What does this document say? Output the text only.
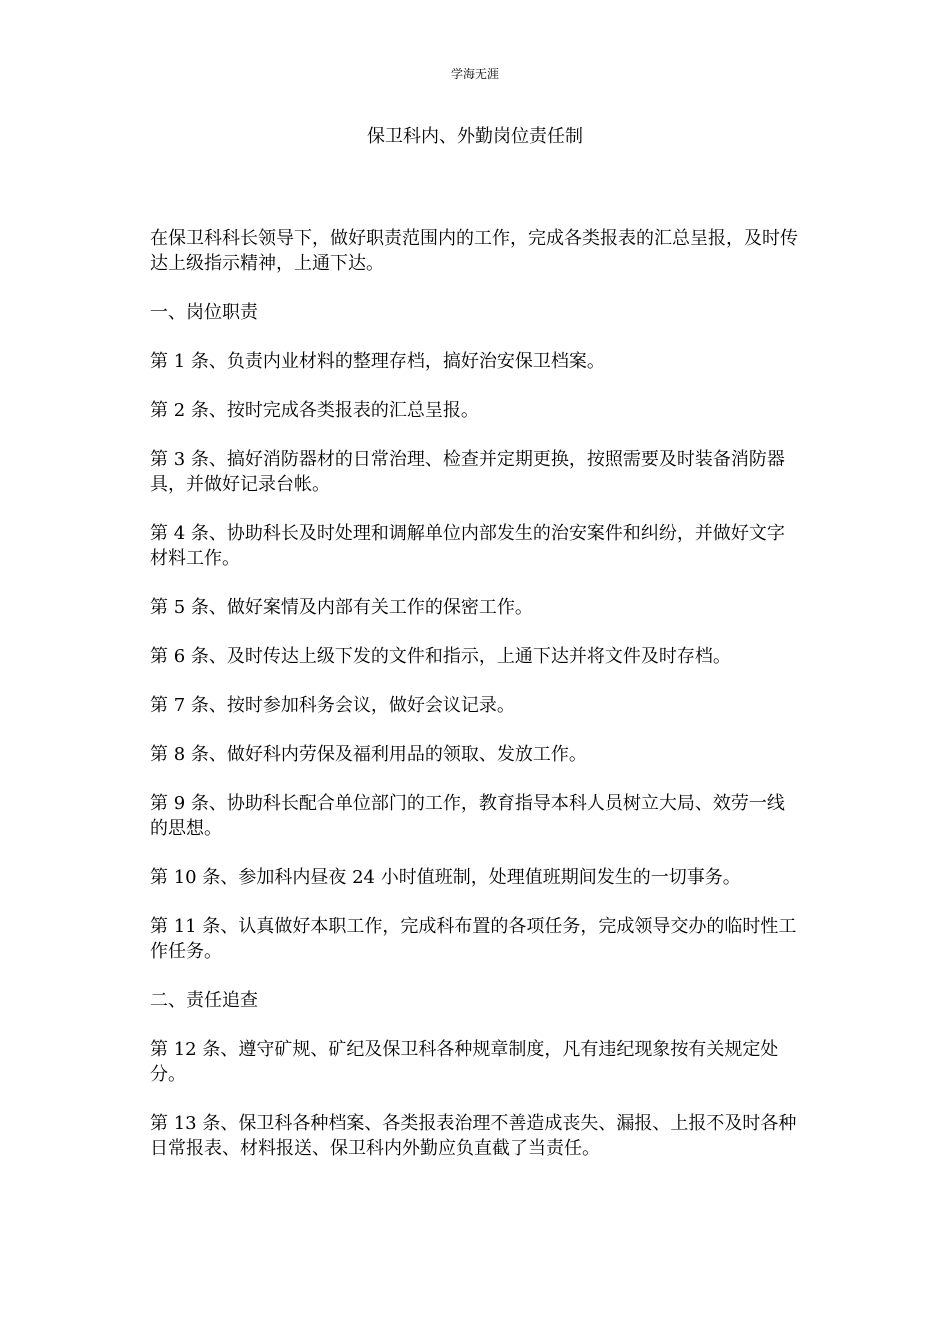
学海无涯
保卫科内、外勤岗位责任制

在保卫科科长领导下，做好职责范围内的工作，完成各类报表的汇总呈报，及时传达上级指示精神，上通下达。

一、岗位职责

第 1 条、负责内业材料的整理存档，搞好治安保卫档案。

第 2 条、按时完成各类报表的汇总呈报。

第 3 条、搞好消防器材的日常治理、检查并定期更换，按照需要及时装备消防器具，并做好记录台帐。

第 4 条、协助科长及时处理和调解单位内部发生的治安案件和纠纷，并做好文字材料工作。

第 5 条、做好案情及内部有关工作的保密工作。

第 6 条、及时传达上级下发的文件和指示，上通下达并将文件及时存档。

第 7 条、按时参加科务会议，做好会议记录。

第 8 条、做好科内劳保及福利用品的领取、发放工作。

第 9 条、协助科长配合单位部门的工作，教育指导本科人员树立大局、效劳一线的思想。

第 10 条、参加科内昼夜 24 小时值班制，处理值班期间发生的一切事务。

第 11 条、认真做好本职工作，完成科布置的各项任务，完成领导交办的临时性工作任务。

二、责任追查

第 12 条、遵守矿规、矿纪及保卫科各种规章制度，凡有违纪现象按有关规定处分。

第 13 条、保卫科各种档案、各类报表治理不善造成丧失、漏报、上报不及时各种日常报表、材料报送、保卫科内外勤应负直截了当责任。
